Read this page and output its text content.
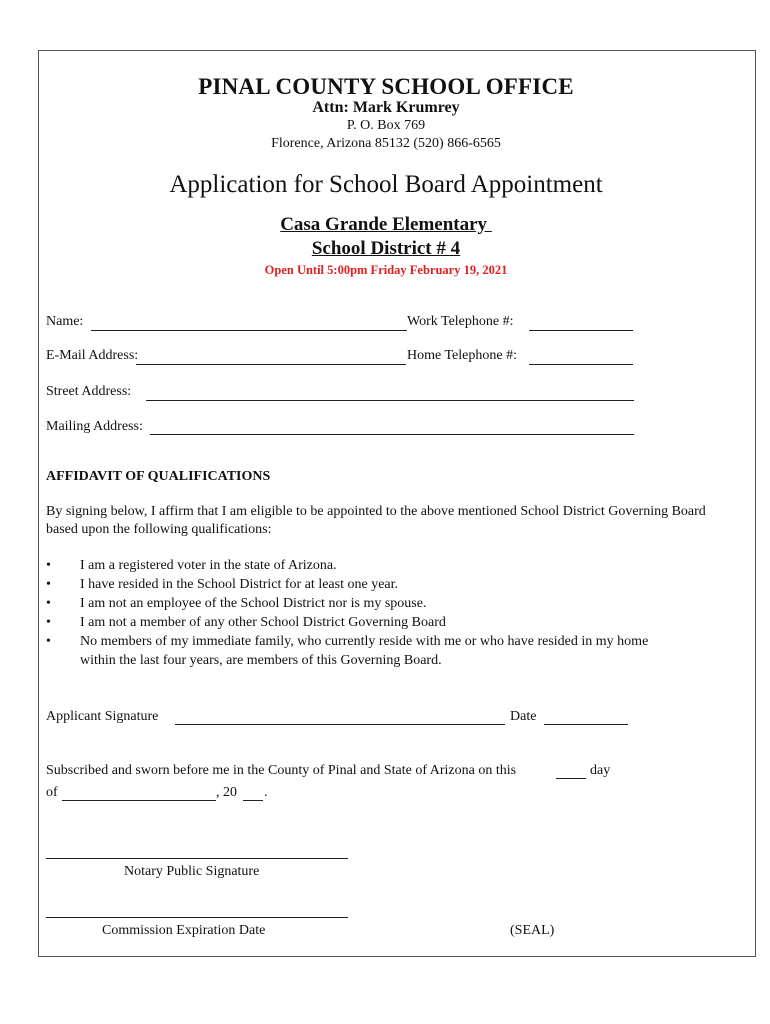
PINAL COUNTY SCHOOL OFFICE
Attn: Mark Krumrey
P. O. Box 769
Florence, Arizona 85132 (520) 866-6565
Application for School Board Appointment
Casa Grande Elementary
School District # 4
Open Until 5:00pm Friday February 19, 2021
Name:	Work Telephone #:
E-Mail Address:	Home Telephone #:
Street Address:
Mailing Address:
AFFIDAVIT OF QUALIFICATIONS
By signing below, I affirm that I am eligible to be appointed to the above mentioned School District Governing Board based upon the following qualifications:
• I am a registered voter in the state of Arizona.
• I have resided in the School District for at least one year.
• I am not an employee of the School District nor is my spouse.
• I am not a member of any other School District Governing Board
• No members of my immediate family, who currently reside with me or who have resided in my home
within the last four years, are members of this Governing Board.
Applicant Signature	Date
Subscribed and sworn before me in the County of Pinal and State of Arizona on this	day
of	, 20 .
Notary Public Signature
Commission Expiration Date	(SEAL)
